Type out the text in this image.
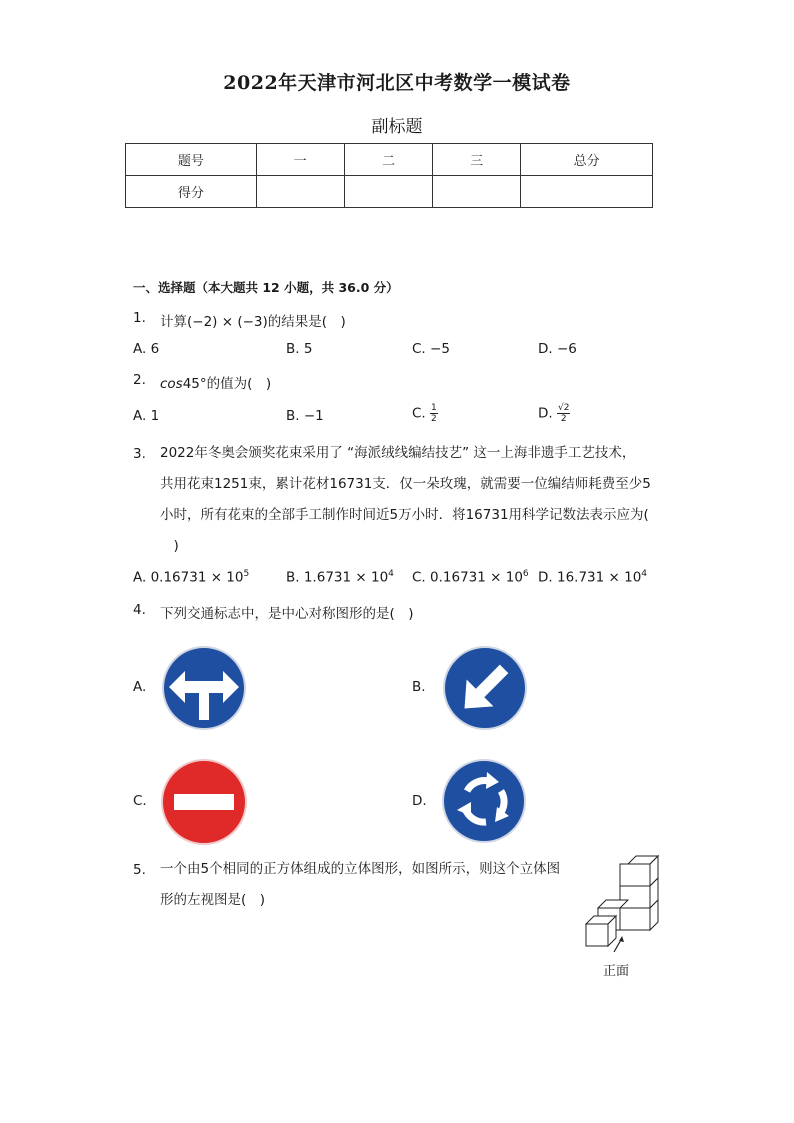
2022年天津市河北区中考数学一模试卷
副标题
题号	一	二	三	总分
得分				
一、选择题（本大题共 12 小题，共 36.0 分）
1. 计算(−2) × (−3)的结果是(　)
A. 6	B. 5	C. −5	D. −6
2. cos45°的值为(　)
A. 1	B. −1	C. $\frac{1}{2}$	D. $\frac{√2}{2}$
3. 2022年冬奥会颁奖花束采用了 “海派绒线编结技艺” 这一上海非遗手工艺技术，
共用花束1251束，累计花材16731支．仅一朵玫瑰，就需要一位编结师耗费至少5
小时，所有花束的全部手工制作时间近5万小时．将16731用科学记数法表示应为(
　)
A. $0.16731 \times 10^5$	B. $1.6731 \times 10^4$ C. $0.16731 \times 10^6$ D. $16.731 \times 10^4$
4. 下列交通标志中，是中心对称图形的是(　)
A.	B.
C.	D.
5. 一个由5个相同的正方体组成的立体图形，如图所示，则这个立体图
形的左视图是(　)
正面
